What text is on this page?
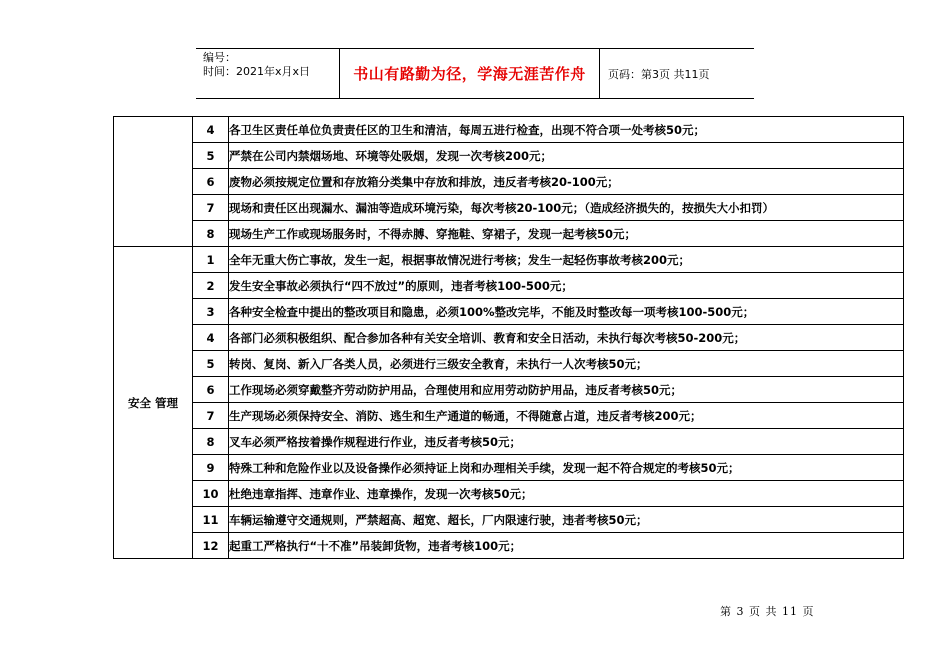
编号：
时间：2021年x月x日	书山有路勤为径，学海无涯苦作舟	页码：第3页 共11页
	4	各卫生区责任单位负责责任区的卫生和清洁，每周五进行检查，出现不符合项一处考核50元；
	5	严禁在公司内禁烟场地、环境等处吸烟，发现一次考核200元；
	6	废物必须按规定位置和存放箱分类集中存放和排放，违反者考核20-100元；
	7	现场和责任区出现漏水、漏油等造成环境污染，每次考核20-100元；（造成经济损失的，按损失大小扣罚）
	8	现场生产工作或现场服务时，不得赤膊、穿拖鞋、穿裙子，发现一起考核50元；
安全 管理	1	全年无重大伤亡事故，发生一起，根据事故情况进行考核；发生一起轻伤事故考核200元；
	2	发生安全事故必须执行“四不放过”的原则，违者考核100-500元；
	3	各种安全检查中提出的整改项目和隐患，必须100%整改完毕，不能及时整改每一项考核100-500元；
	4	各部门必须积极组织、配合参加各种有关安全培训、教育和安全日活动，未执行每次考核50-200元；
	5	转岗、复岗、新入厂各类人员，必须进行三级安全教育，未执行一人次考核50元；
	6	工作现场必须穿戴整齐劳动防护用品，合理使用和应用劳动防护用品，违反者考核50元；
	7	生产现场必须保持安全、消防、逃生和生产通道的畅通，不得随意占道，违反者考核200元；
	8	叉车必须严格按着操作规程进行作业，违反者考核50元；
	9	特殊工种和危险作业以及设备操作必须持证上岗和办理相关手续，发现一起不符合规定的考核50元；
	10	杜绝违章指挥、违章作业、违章操作，发现一次考核50元；
	11	车辆运输遵守交通规则，严禁超高、超宽、超长，厂内限速行驶，违者考核50元；
	12	起重工严格执行“十不准”吊装卸货物，违者考核100元；
第 3 页 共 11 页
